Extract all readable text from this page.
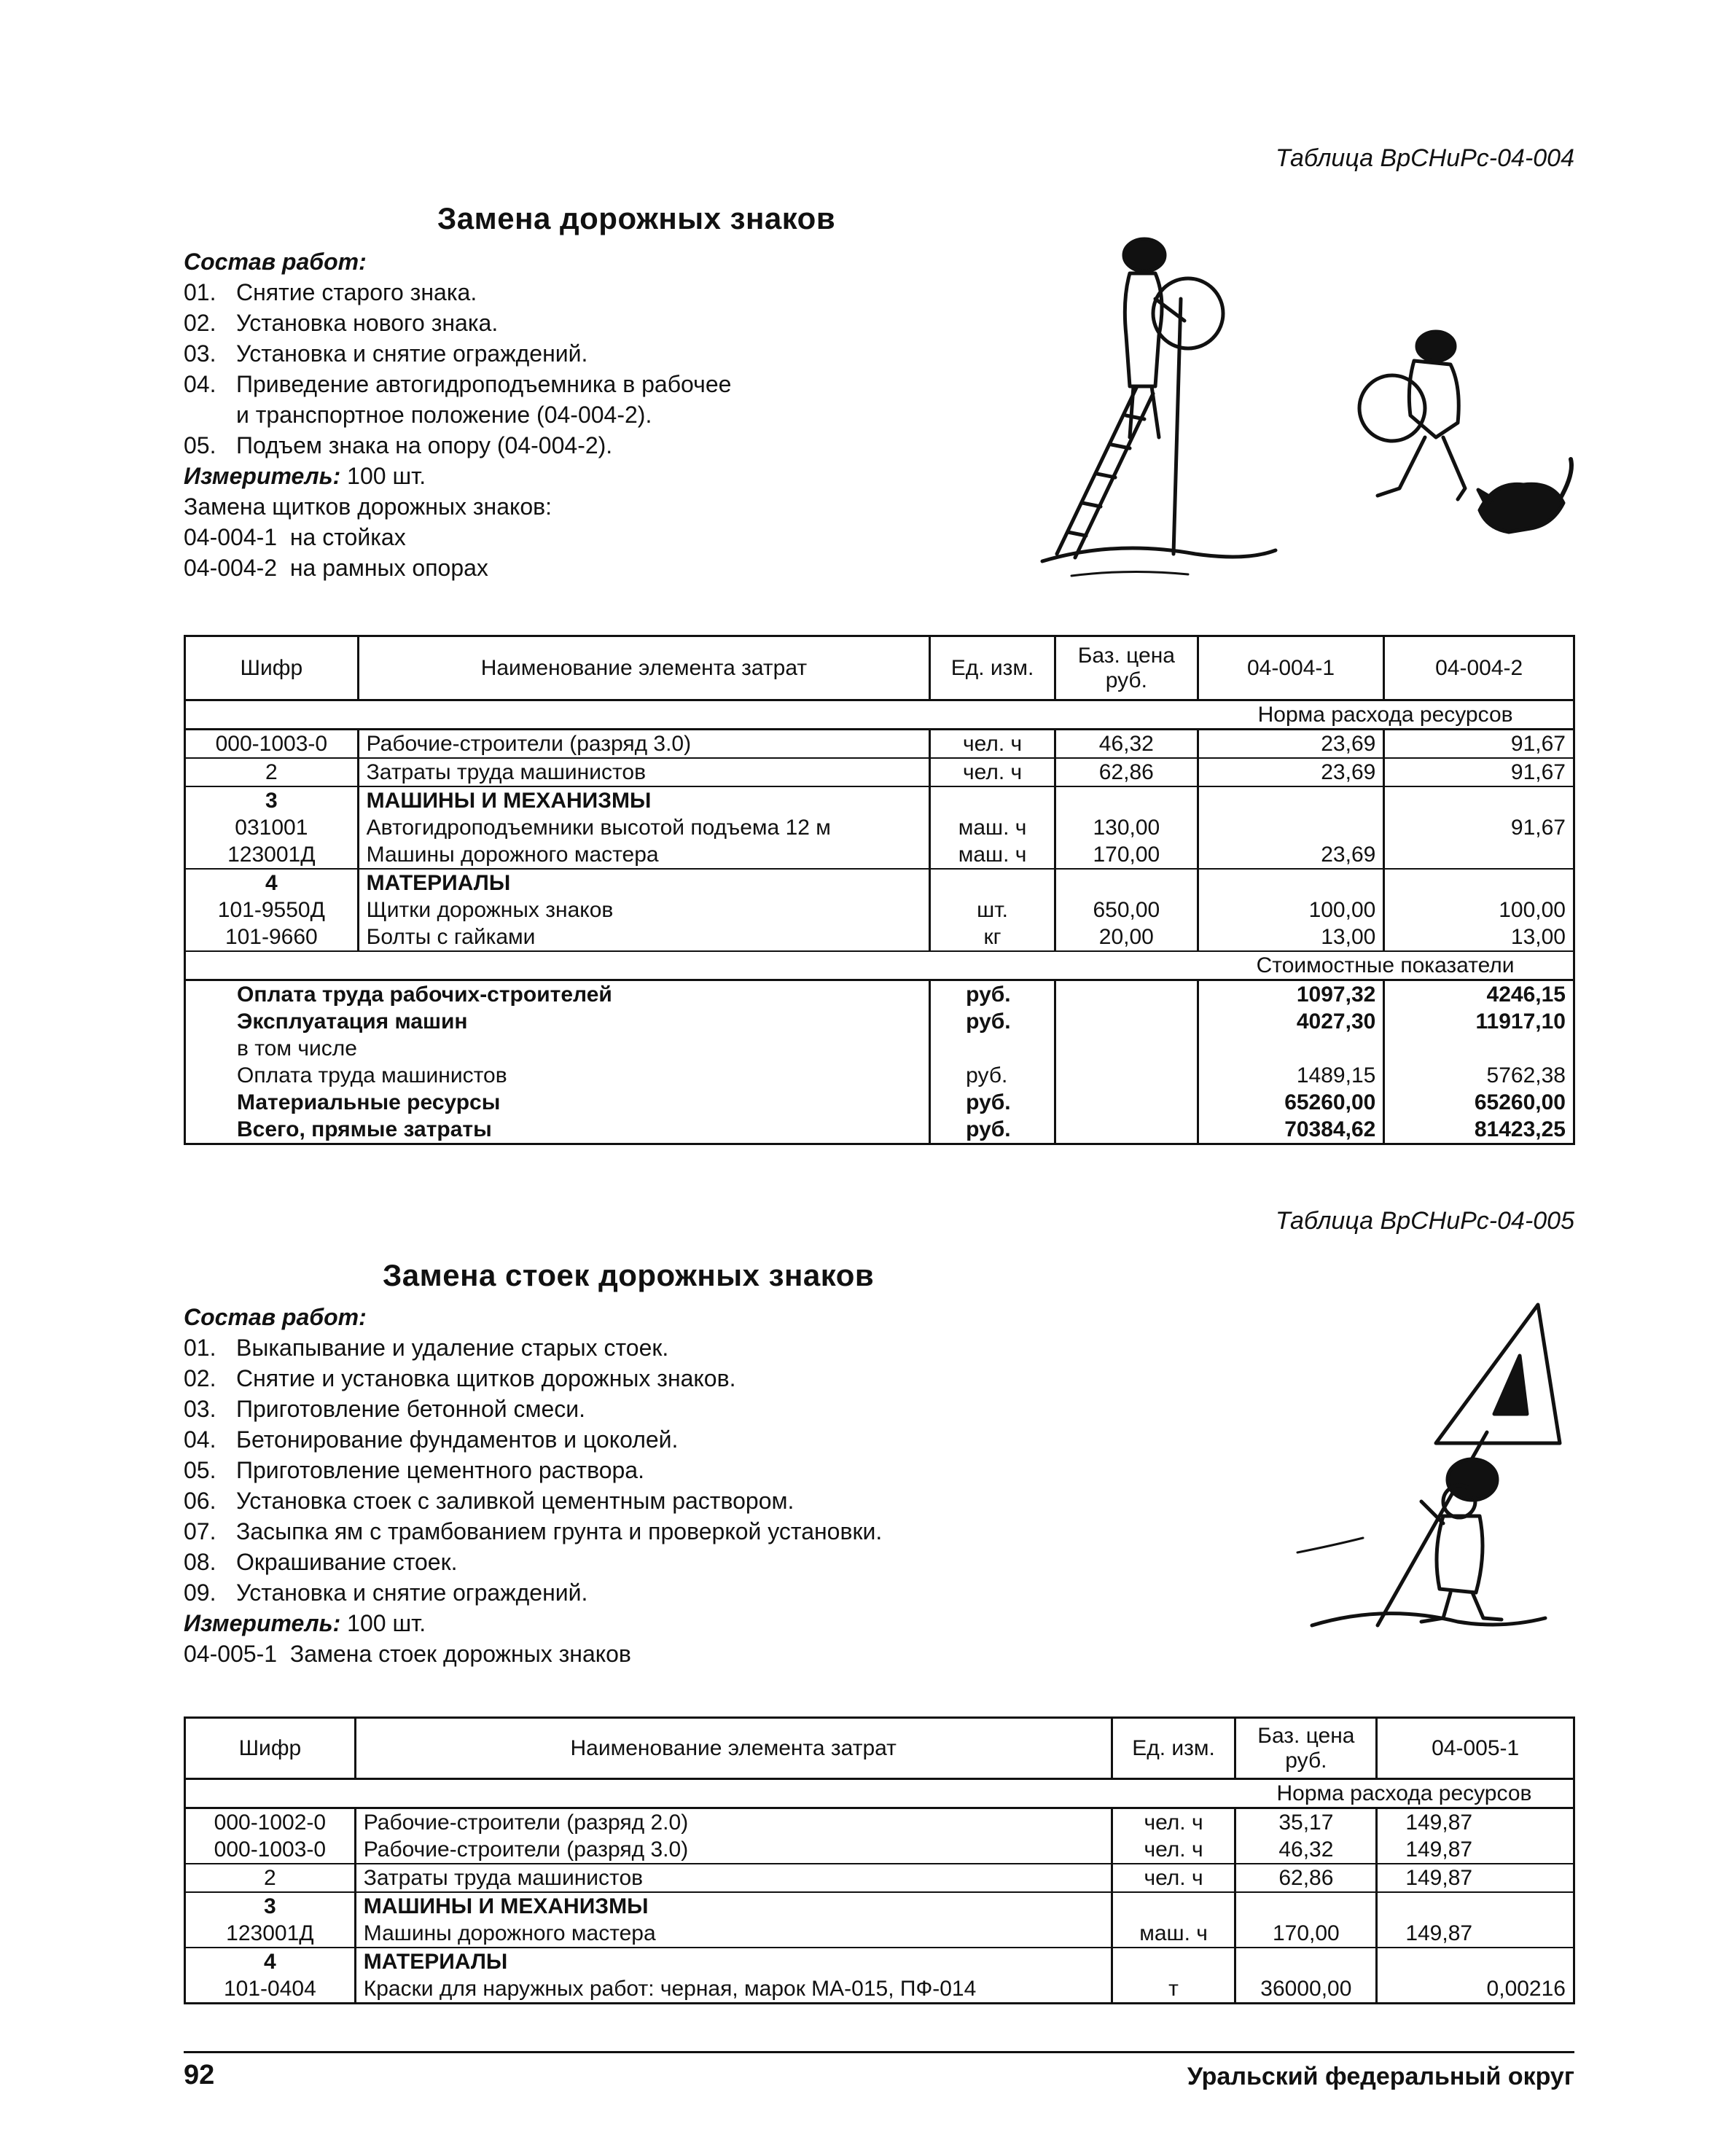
Таблица ВрСНиРс-04-004
Замена дорожных знаков
Состав работ:
01. Снятие старого знака.
02. Установка нового знака.
03. Установка и снятие ограждений.
04. Приведение автогидроподъемника в рабочее
и транспортное положение (04-004-2).
05. Подъем знака на опору (04-004-2).
Измеритель: 100 шт.
Замена щитков дорожных знаков:
04-004-1 на стойках
04-004-2 на рамных опорах
Шифр	Наименование элемента затрат	Ед. изм.	Баз. цена руб.	04-004-1	04-004-2
				Норма расхода ресурсов	
000-1003-0	Рабочие-строители (разряд 3.0)	чел. ч	46,32	23,69	91,67
2	Затраты труда машинистов	чел. ч	62,86	23,69	91,67
3	МАШИНЫ И МЕХАНИЗМЫ				
031001	Автогидроподъемники высотой подъема 12 м	маш. ч	130,00		91,67
123001Д	Машины дорожного мастера	маш. ч	170,00	23,69	
4	МАТЕРИАЛЫ				
101-9550Д	Щитки дорожных знаков	шт.	650,00	100,00	100,00
101-9660	Болты с гайками	кг	20,00	13,00	13,00
				Стоимостные показатели	
Оплата труда рабочих-строителей		руб.		1097,32	4246,15
Эксплуатация машин		руб.		4027,30	11917,10
в том числе					
Оплата труда машинистов		руб.		1489,15	5762,38
Материальные ресурсы		руб.		65260,00	65260,00
Всего, прямые затраты		руб.		70384,62	81423,25
Таблица ВрСНиРс-04-005
Замена стоек дорожных знаков
Состав работ:
01. Выкапывание и удаление старых стоек.
02. Снятие и установка щитков дорожных знаков.
03. Приготовление бетонной смеси.
04. Бетонирование фундаментов и цоколей.
05. Приготовление цементного раствора.
06. Установка стоек с заливкой цементным раствором.
07. Засыпка ям с трамбованием грунта и проверкой установки.
08. Окрашивание стоек.
09. Установка и снятие ограждений.
Измеритель: 100 шт.
04-005-1 Замена стоек дорожных знаков
Шифр	Наименование элемента затрат	Ед. изм.	Баз. цена руб.	04-005-1
			Норма расхода ресурсов	
000-1002-0	Рабочие-строители (разряд 2.0)	чел. ч	35,17	149,87
000-1003-0	Рабочие-строители (разряд 3.0)	чел. ч	46,32	149,87
2	Затраты труда машинистов	чел. ч	62,86	149,87
3	МАШИНЫ И МЕХАНИЗМЫ			
123001Д	Машины дорожного мастера	маш. ч	170,00	149,87
4	МАТЕРИАЛЫ			
101-0404	Краски для наружных работ: черная, марок МА-015, ПФ-014	т	36000,00	0,00216
92	Уральский федеральный округ
